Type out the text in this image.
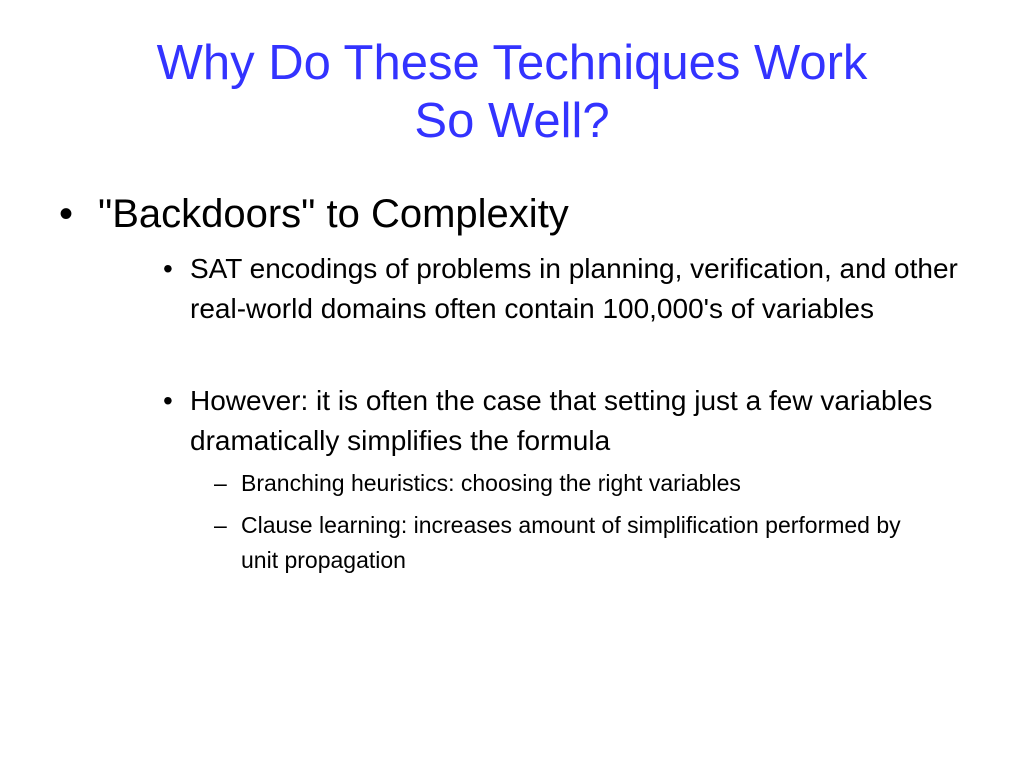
Why Do These Techniques Work
So Well?
• "Backdoors" to Complexity
• SAT encodings of problems in planning, verification, and other real-world domains often contain 100,000's of variables
• However: it is often the case that setting just a few variables dramatically simplifies the formula
– Branching heuristics: choosing the right variables
– Clause learning: increases amount of simplification performed by unit propagation
